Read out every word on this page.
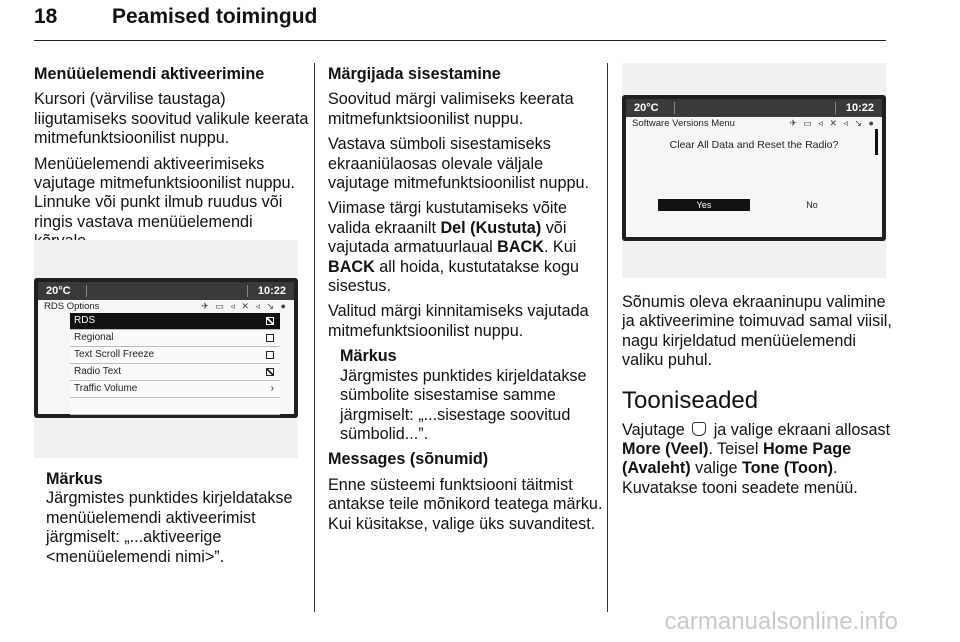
18	Peamised toimingud

Menüüelemendi aktiveerimine

Kursori (värvilise taustaga) liigutamiseks soovitud valikule keerata mitmefunktsioonilist nuppu.

Menüüelemendi aktiveerimiseks vajutage mitmefunktsioonilist nuppu. Linnuke või punkt ilmub ruudus või ringis vastava menüüelemendi

20°C	10:22
RDS Options	✈ ▭ ◃ ✕ ◃ ↘ ●
RDS
Regional
Text Scroll Freeze
Radio Text
Traffic Volume	›
Märkus
Järgmistes punktides kirjeldatakse menüüelemendi aktiveerimist järgmiselt: „...aktiveerige <menüüelemendi nimi>”.

Märgijada sisestamine

Soovitud märgi valimiseks keerata mitmefunktsioonilist nuppu.

Vastava sümboli sisestamiseks ekraaniülaosas olevale väljale vajutage mitmefunktsioonilist nuppu.

Viimase tärgi kustutamiseks võite valida ekraanilt Del (Kustuta) või vajutada armatuurlaual BACK. Kui BACK all hoida, kustutatakse kogu sisestus.

Valitud märgi kinnitamiseks vajutada mitmefunktsioonilist nuppu.

Märkus
Järgmistes punktides kirjeldatakse sümbolite sisestamise samme järgmiselt: „...sisestage soovitud sümbolid...”.

Messages (sõnumid)

Enne süsteemi funktsiooni täitmist antakse teile mõnikord teatega märku. Kui küsitakse, valige üks suvanditest.

20°C	10:22
Software Versions Menu	✈ ▭ ◃ ✕ ◃ ↘ ●
Clear All Data and Reset the Radio?
Yes	No

Sõnumis oleva ekraaninupu valimine ja aktiveerimine toimuvad samal viisil, nagu kirjeldatud menüüelemendi valiku puhul.

Tooniseaded

Vajutage  ja valige ekraani allosast More (Veel). Teisel Home Page (Avaleht) valige Tone (Toon).
Kuvatakse tooni seadete menüü.

carmanualsonline.info
